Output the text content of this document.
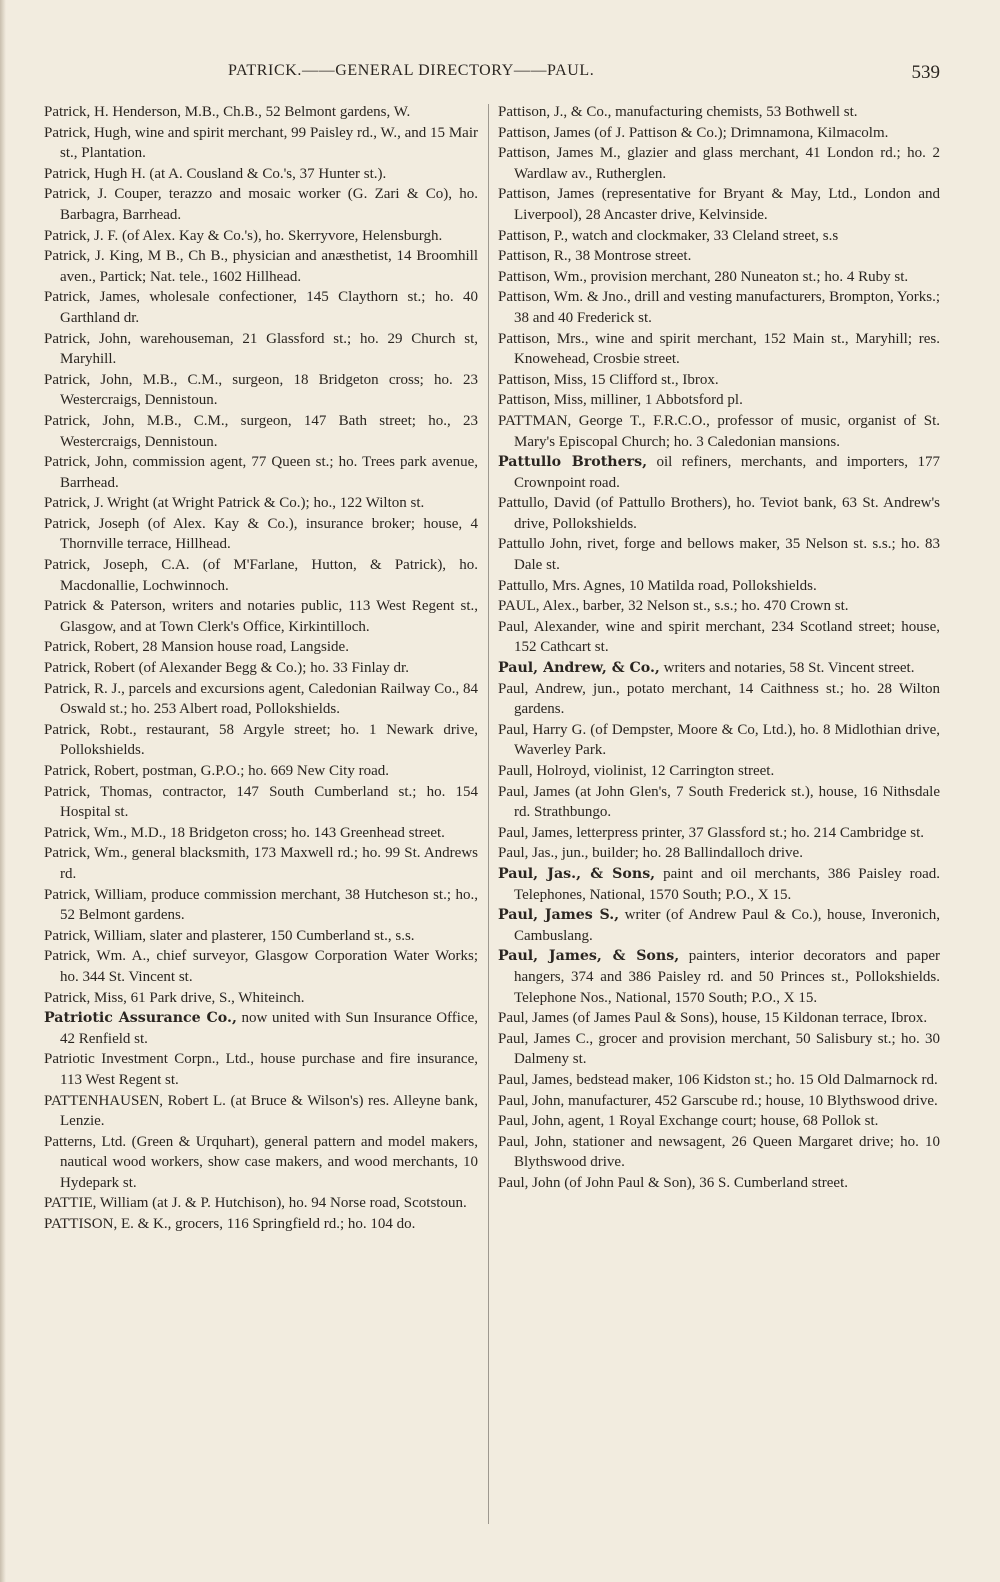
PATRICK.——GENERAL DIRECTORY——PAUL.	539

Patrick, H. Henderson, M.B., Ch.B., 52 Belmont gardens, W.

Patrick, Hugh, wine and spirit merchant, 99 Paisley rd., W., and 15 Mair st., Plantation.

Patrick, Hugh H. (at A. Cousland & Co.'s, 37 Hunter st.).

Patrick, J. Couper, terazzo and mosaic worker (G. Zari & Co), ho. Barbagra, Barrhead.

Patrick, J. F. (of Alex. Kay & Co.'s), ho. Skerryvore, Helensburgh.

Patrick, J. King, M B., Ch B., physician and anæsthetist, 14 Broomhill aven., Partick; Nat. tele., 1602 Hillhead.

Patrick, James, wholesale confectioner, 145 Claythorn st.; ho. 40 Garthland dr.

Patrick, John, warehouseman, 21 Glassford st.; ho. 29 Church st, Maryhill.

Patrick, John, M.B., C.M., surgeon, 18 Bridgeton cross; ho. 23 Westercraigs, Dennistoun.

Patrick, John, M.B., C.M., surgeon, 147 Bath street; ho., 23 Westercraigs, Dennistoun.

Patrick, John, commission agent, 77 Queen st.; ho. Trees park avenue, Barrhead.

Patrick, J. Wright (at Wright Patrick & Co.); ho., 122 Wilton st.

Patrick, Joseph (of Alex. Kay & Co.), insurance broker; house, 4 Thornville terrace, Hillhead.

Patrick, Joseph, C.A. (of M'Farlane, Hutton, & Patrick), ho. Macdonallie, Lochwinnoch.

Patrick & Paterson, writers and notaries public, 113 West Regent st., Glasgow, and at Town Clerk's Office, Kirkintilloch.

Patrick, Robert, 28 Mansion house road, Langside.

Patrick, Robert (of Alexander Begg & Co.); ho. 33 Finlay dr.

Patrick, R. J., parcels and excursions agent, Caledonian Railway Co., 84 Oswald st.; ho. 253 Albert road, Pollokshields.

Patrick, Robt., restaurant, 58 Argyle street; ho. 1 Newark drive, Pollokshields.

Patrick, Robert, postman, G.P.O.; ho. 669 New City road.

Patrick, Thomas, contractor, 147 South Cumberland st.; ho. 154 Hospital st.

Patrick, Wm., M.D., 18 Bridgeton cross; ho. 143 Greenhead street.

Patrick, Wm., general blacksmith, 173 Maxwell rd.; ho. 99 St. Andrews rd.

Patrick, William, produce commission merchant, 38 Hutcheson st.; ho., 52 Belmont gardens.

Patrick, William, slater and plasterer, 150 Cumberland st., s.s.

Patrick, Wm. A., chief surveyor, Glasgow Corporation Water Works; ho. 344 St. Vincent st.

Patrick, Miss, 61 Park drive, S., Whiteinch.

Patriotic Assurance Co., now united with Sun Insurance Office, 42 Renfield st.

Patriotic Investment Corpn., Ltd., house purchase and fire insurance, 113 West Regent st.

PATTENHAUSEN, Robert L. (at Bruce & Wilson's) res. Alleyne bank, Lenzie.

Patterns, Ltd. (Green & Urquhart), general pattern and model makers, nautical wood workers, show case makers, and wood merchants, 10 Hydepark st.

PATTIE, William (at J. & P. Hutchison), ho. 94 Norse road, Scotstoun.

PATTISON, E. & K., grocers, 116 Springfield rd.; ho. 104 do.

Pattison, J., & Co., manufacturing chemists, 53 Bothwell st.

Pattison, James (of J. Pattison & Co.); Drimnamona, Kilmacolm.

Pattison, James M., glazier and glass merchant, 41 London rd.; ho. 2 Wardlaw av., Rutherglen.

Pattison, James (representative for Bryant & May, Ltd., London and Liverpool), 28 Ancaster drive, Kelvinside.

Pattison, P., watch and clockmaker, 33 Cleland street, s.s

Pattison, R., 38 Montrose street.

Pattison, Wm., provision merchant, 280 Nuneaton st.; ho. 4 Ruby st.

Pattison, Wm. & Jno., drill and vesting manufacturers, Brompton, Yorks.; 38 and 40 Frederick st.

Pattison, Mrs., wine and spirit merchant, 152 Main st., Maryhill; res. Knowehead, Crosbie street.

Pattison, Miss, 15 Clifford st., Ibrox.

Pattison, Miss, milliner, 1 Abbotsford pl.

PATTMAN, George T., F.R.C.O., professor of music, organist of St. Mary's Episcopal Church; ho. 3 Caledonian mansions.

Pattullo Brothers, oil refiners, merchants, and importers, 177 Crownpoint road.

Pattullo, David (of Pattullo Brothers), ho. Teviot bank, 63 St. Andrew's drive, Pollokshields.

Pattullo John, rivet, forge and bellows maker, 35 Nelson st. s.s.; ho. 83 Dale st.

Pattullo, Mrs. Agnes, 10 Matilda road, Pollokshields.

PAUL, Alex., barber, 32 Nelson st., s.s.; ho. 470 Crown st.

Paul, Alexander, wine and spirit merchant, 234 Scotland street; house, 152 Cathcart st.

Paul, Andrew, & Co., writers and notaries, 58 St. Vincent street.

Paul, Andrew, jun., potato merchant, 14 Caithness st.; ho. 28 Wilton gardens.

Paul, Harry G. (of Dempster, Moore & Co, Ltd.), ho. 8 Midlothian drive, Waverley Park.

Paull, Holroyd, violinist, 12 Carrington street.

Paul, James (at John Glen's, 7 South Frederick st.), house, 16 Nithsdale rd. Strathbungo.

Paul, James, letterpress printer, 37 Glassford st.; ho. 214 Cambridge st.

Paul, Jas., jun., builder; ho. 28 Ballindalloch drive.

Paul, Jas., & Sons, paint and oil merchants, 386 Paisley road. Telephones, National, 1570 South; P.O., X 15.

Paul, James S., writer (of Andrew Paul & Co.), house, Inveronich, Cambuslang.

Paul, James, & Sons, painters, interior decorators and paper hangers, 374 and 386 Paisley rd. and 50 Princes st., Pollokshields. Telephone Nos., National, 1570 South; P.O., X 15.

Paul, James (of James Paul & Sons), house, 15 Kildonan terrace, Ibrox.

Paul, James C., grocer and provision merchant, 50 Salisbury st.; ho. 30 Dalmeny st.

Paul, James, bedstead maker, 106 Kidston st.; ho. 15 Old Dalmarnock rd.

Paul, John, manufacturer, 452 Garscube rd.; house, 10 Blythswood drive.

Paul, John, agent, 1 Royal Exchange court; house, 68 Pollok st.

Paul, John, stationer and newsagent, 26 Queen Margaret drive; ho. 10 Blythswood drive.

Paul, John (of John Paul & Son), 36 S. Cumberland street.
